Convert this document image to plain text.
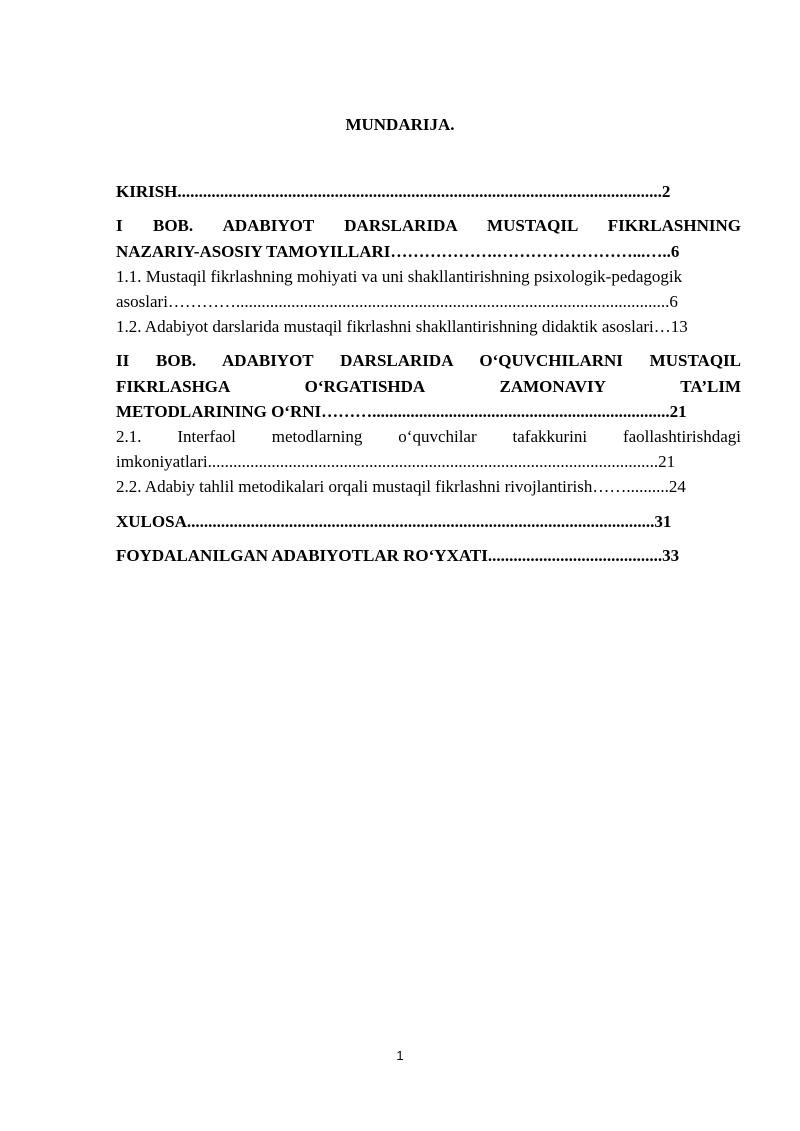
MUNDARIJA.
KIRISH..................................................................................................................2
I BOB. ADABIYOT DARSLARIDA MUSTAQIL FIKRLASHNING
NAZARIY-ASOSIY TAMOYILLARI……………….……………………...…..6
1.1. Mustaqil fikrlashning mohiyati va uni shakllantirishning psixologik-pedagogik
asoslari…………......................................................................................................6
1.2. Adabiyot darslarida mustaqil fikrlashni shakllantirishning didaktik asoslari…13
II BOB. ADABIYOT DARSLARIDA O‘QUVCHILARNI MUSTAQIL
FIKRLASHGA O‘RGATISHDA ZAMONAVIY TA’LIM
METODLARINING O‘RNI………......................................................................21
2.1. Interfaol metodlarning o‘quvchilar tafakkurini faollashtirishdagi
imkoniyatlari..........................................................................................................21
2.2. Adabiy tahlil metodikalari orqali mustaqil fikrlashni rivojlantirish……..........24
XULOSA..............................................................................................................31
FOYDALANILGAN ADABIYOTLAR RO‘YXATI.........................................33
1
